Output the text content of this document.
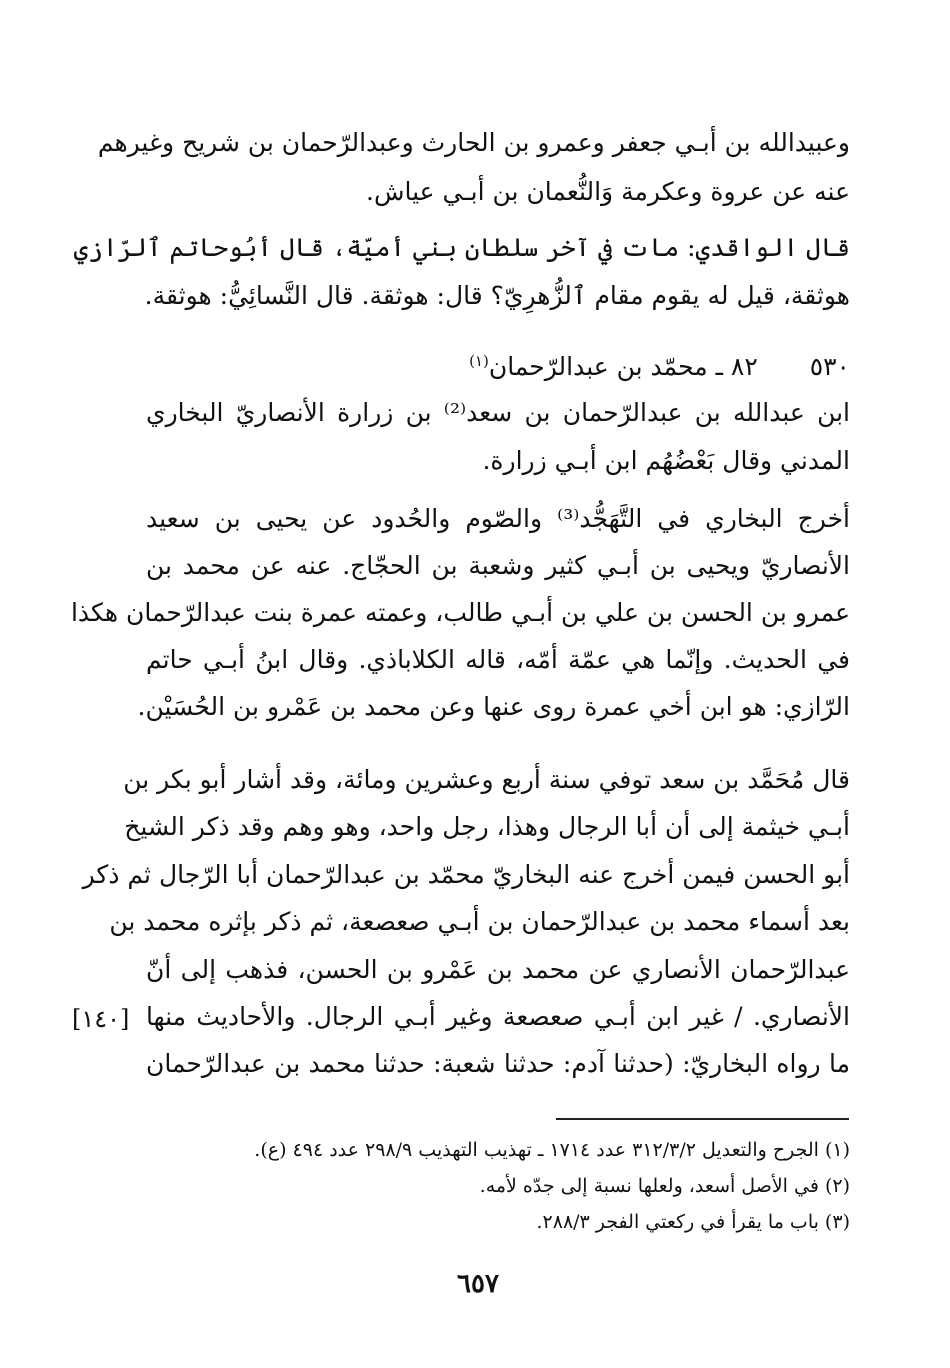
وعبيدالله بن أبـي جعفر وعمرو بن الحارث وعبدالرّحمان بن شريح وغيرهم
عنه عن عروة وعكرمة وَالنُّعمان بن أبـي عياش.
قال الواقدي: مات في آخر سلطان بني أميّة، قال أبُوحاتم ٱلرّازي
هوثقة، قيل له يقوم مقام ٱلزُّهرِيّ؟ قال: هوثقة. قال النَّسائِيُّ: هوثقة.
٥٣٠ ٨٢ ـ محمّد بن عبدالرّحمان$^{(١)}$
ابن عبدالله بن عبدالرّحمان بن سعد⁽²⁾ بن زرارة الأنصاريّ البخاري
المدني وقال بَعْضُهُم ابن أبـي زرارة.
أخرج البخاري في التَّهَجُّد⁽³⁾ والصّوم والحُدود عن يحيى بن سعيد
الأنصاريّ ويحيى بن أبـي كثير وشعبة بن الحجّاج. عنه عن محمد بن
عمرو بن الحسن بن علي بن أبـي طالب، وعمته عمرة بنت عبدالرّحمان هكذا
في الحديث. وإنّما هي عمّة أمّه، قاله الكلاباذي. وقال ابنُ أبـي حاتم
الرّازي: هو ابن أخي عمرة روى عنها وعن محمد بن عَمْرو بن الحُسَيْن.
قال مُحَمَّد بن سعد توفي سنة أربع وعشرين ومائة، وقد أشار أبو بكر بن
أبـي خيثمة إلى أن أبا الرجال وهذا، رجل واحد، وهو وهم وقد ذكر الشيخ
أبو الحسن فيمن أخرج عنه البخاريّ محمّد بن عبدالرّحمان أبا الرّجال ثم ذكر
بعد أسماء محمد بن عبدالرّحمان بن أبـي صعصعة، ثم ذكر بإثره محمد بن
عبدالرّحمان الأنصاري عن محمد بن عَمْرو بن الحسن، فذهب إلى أنّ
الأنصاري. / غير ابن أبـي صعصعة وغير أبـي الرجال. والأحاديث منها
ما رواه البخاريّ: (حدثنا آدم: حدثنا شعبة: حدثنا محمد بن عبدالرّحمان
[١٤٠]
(١) الجرح والتعديل ٣١٢/٣/٢ عدد ١٧١٤ ـ تهذيب التهذيب ٢٩٨/٩ عدد ٤٩٤ (ع).
(٢) في الأصل أسعد، ولعلها نسبة إلى جدّه لأمه.
(٣) باب ما يقرأ في ركعتي الفجر ٢٨٨/٣.
٦٥٧
